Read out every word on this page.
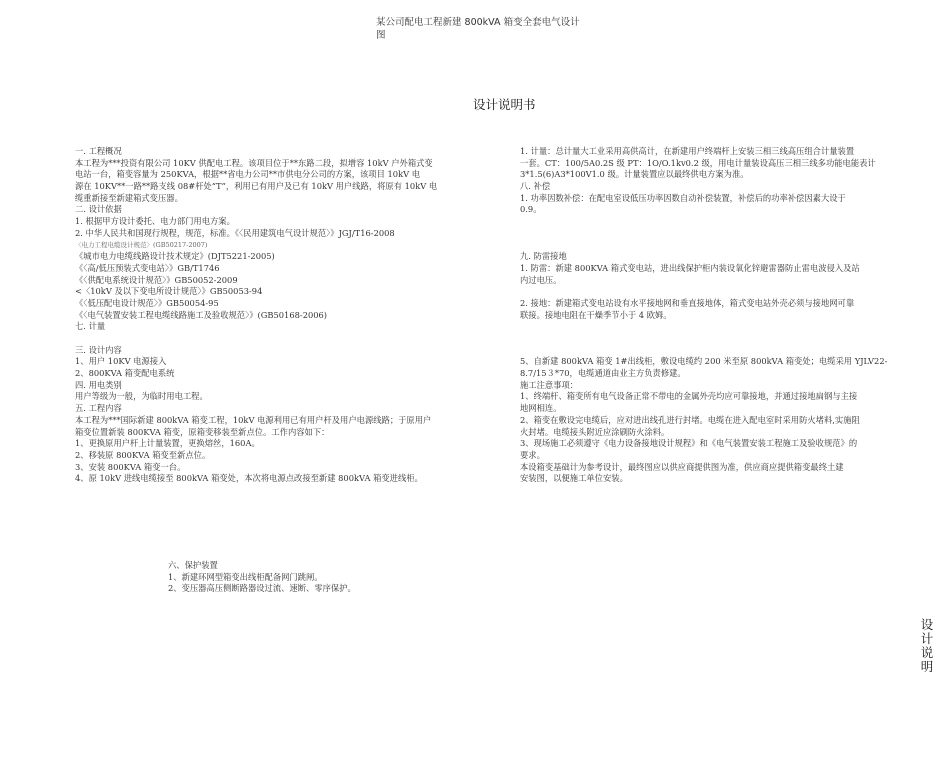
某公司配电工程新建 800kVA 箱变全套电气设计
图
设计说明书
一. 工程概况
本工程为***投资有限公司 10KV 供配电工程。该项目位于**东路二段，拟增容 10kV 户外箱式变
电站一台，箱变容量为 250KVA，根据**省电力公司**市供电分公司的方案，该项目 10kV 电
源在 10KV**一路**路支线 08#杆处“T”，利用已有用户及已有 10kV 用户线路，将原有 10kV 电
缆重新接至新建箱式变压器。
二. 设计依据
1. 根据甲方设计委托、电力部门用电方案。
2. 中华人民共和国现行规程，规范，标准。《〈民用建筑电气设计规范〉》JGJ/T16-2008
〈电力工程电缆设计规范〉(GB50217-2007)
《城市电力电缆线路设计技术规定》(DJT5221-2005)
《〈高/低压预装式变电站〉》GB/T1746
《〈供配电系统设计规范〉》GB50052-2009
<〈10kV 及以下变电所设计规范〉》GB50053-94
《〈低压配电设计规范〉》GB50054-95
《〈电气装置安装工程电缆线路施工及验收规范〉》(GB50168-2006)
七. 计量
三. 设计内容
1、用户 10KV 电源接入
2、800KVA 箱变配电系统
四. 用电类别
用户等级为一般，为临时用电工程。
五. 工程内容
本工程为***国际新建 800kVA 箱变工程，10kV 电源利用已有用户杆及用户电源线路；于原用户
箱变位置新装 800KVA 箱变，原箱变移装至新点位。工作内容如下：
1、更换原用户杆上计量装置，更换熔丝，160A。
2、移装原 800KVA 箱变至新点位。
3、安装 800KVA 箱变一台。
4、原 10kV 进线电缆接至 800kVA 箱变处，本次将电源点改接至新建 800kVA 箱变进线柜。
1. 计量：总计量大工业采用高供高计，在新建用户终端杆上安装三相三线高压组合计量装置
一套。CT：100/5A0.2S 级 PT：1O/O.1kv0.2 级，用电计量装设高压三相三线多功能电能表计
3*1.5(6)A3*100V1.0 级。计量装置应以最终供电方案为准。
八. 补偿
1. 功率因数补偿：在配电室设低压功率因数自动补偿装置，补偿后的功率补偿因素大设于
0.9。
九. 防雷接地
1. 防雷：新建 800KVA 箱式变电站，进出线保护柜内装设氧化锌避雷器防止雷电波侵入及站
内过电压。
2. 接地：新建箱式变电站设有水平接地网和垂直接地体，箱式变电站外壳必须与接地网可靠
联接。接地电阻在干燥季节小于 4 欧姆。
5、自新建 800kVA 箱变 1#出线柜，敷设电缆约 200 米至原 800kVA 箱变处；电缆采用 YJLV22-
8.7/15３*70，电缆通道由业主方负责修建。
施工注意事项：
1、终端杆、箱变所有电气设备正常不带电的金属外壳均应可靠接地，并通过接地扁钢与主接
地网相连。
2、箱变在敷设完电缆后，应对进出线孔进行封堵。电缆在进入配电室时采用防火堵料,实施阻
火封堵。电缆接头附近应涂刷防火涂料。
3、现场施工必须遵守《电力设备接地设计规程》和《电气装置安装工程施工及验收规范》的
要求。
本设箱变基础计为参考设计，最终图应以供应商提供图为准，供应商应提供箱变最终土建
安装图，以便施工单位安装。
六、保护装置
1、新建环网型箱变出线柜配备网门跳闸。
2、变压器高压侧断路器设过流、速断、零序保护。
设计说明
